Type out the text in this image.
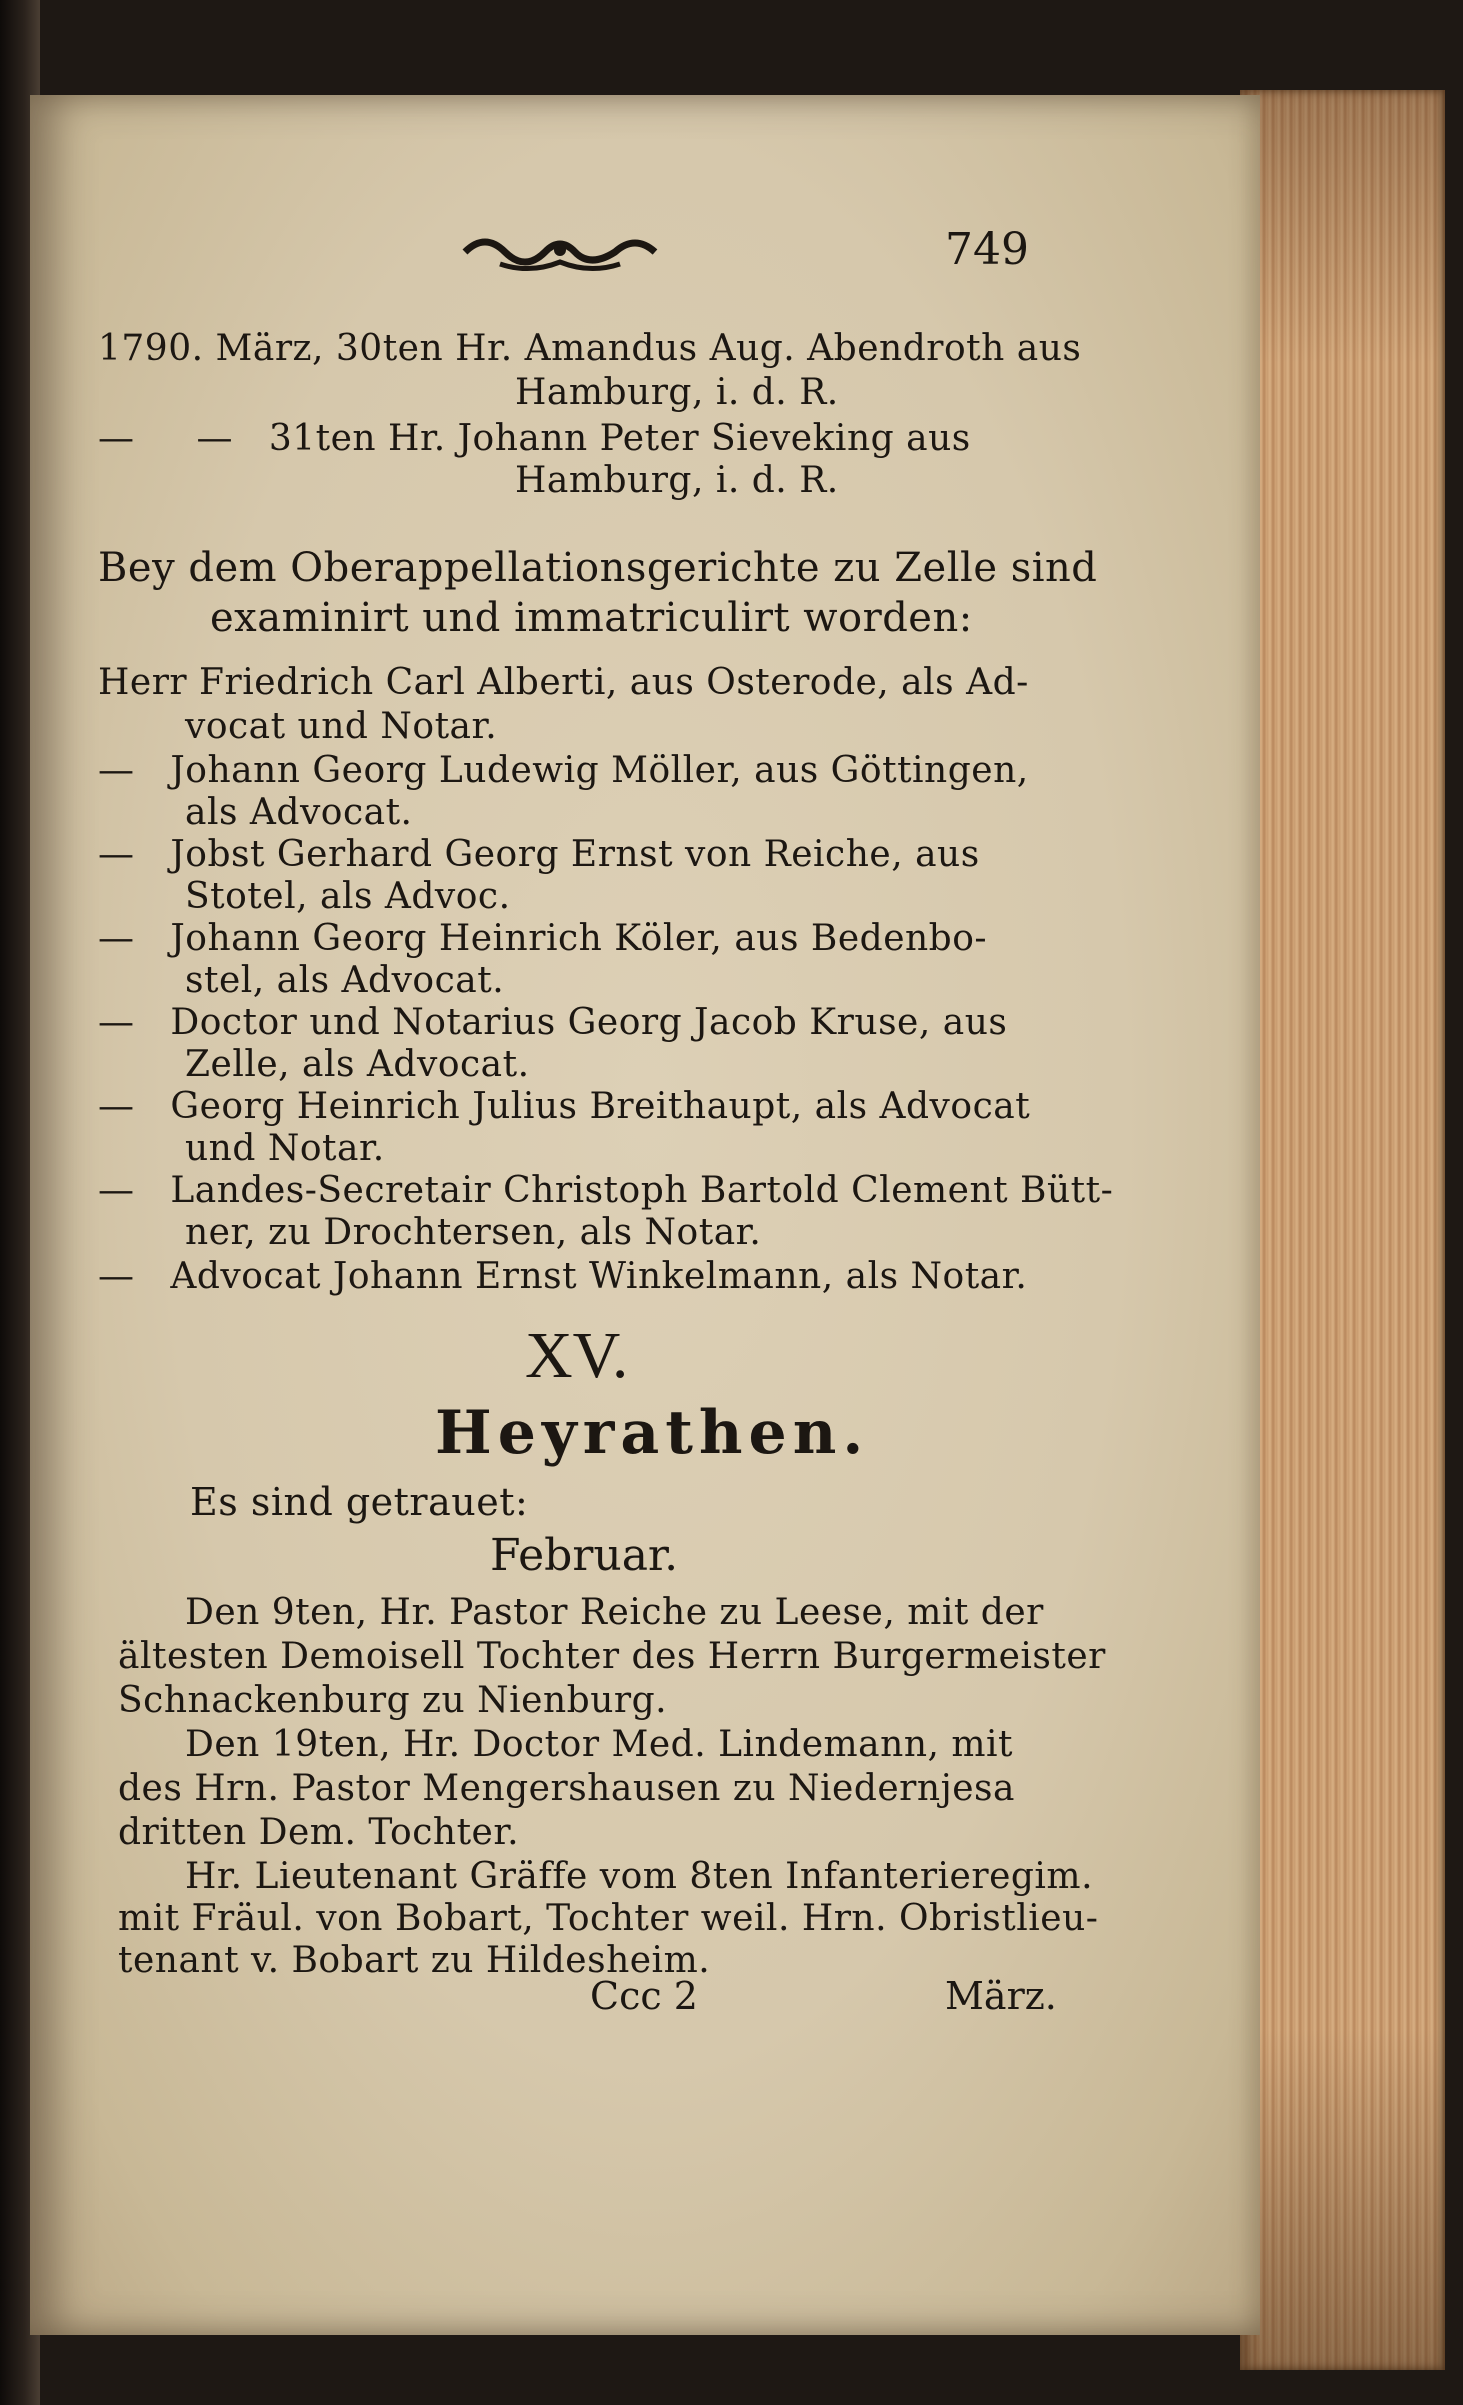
749
1790. März, 30ten Hr. Amandus Aug. Abendroth aus
Hamburg, i. d. R.
— — 31ten Hr. Johann Peter Sieveking aus
Hamburg, i. d. R.
Bey dem Oberappellationsgerichte zu Zelle sind
examinirt und immatriculirt worden:
Herr Friedrich Carl Alberti, aus Osterode, als Ad-
vocat und Notar.
— Johann Georg Ludewig Möller, aus Göttingen,
als Advocat.
— Jobst Gerhard Georg Ernst von Reiche, aus
Stotel, als Advoc.
— Johann Georg Heinrich Köler, aus Bedenbo-
stel, als Advocat.
— Doctor und Notarius Georg Jacob Kruse, aus
Zelle, als Advocat.
— Georg Heinrich Julius Breithaupt, als Advocat
und Notar.
— Landes-Secretair Christoph Bartold Clement Bütt-
ner, zu Drochtersen, als Notar.
— Advocat Johann Ernst Winkelmann, als Notar.
XV.
Heyrathen.
Es sind getrauet:
Februar.
Den 9ten, Hr. Pastor Reiche zu Leese, mit der
ältesten Demoisell Tochter des Herrn Burgermeister
Schnackenburg zu Nienburg.
Den 19ten, Hr. Doctor Med. Lindemann, mit
des Hrn. Pastor Mengershausen zu Niedernjesa
dritten Dem. Tochter.
Hr. Lieutenant Gräffe vom 8ten Infanterieregim.
mit Fräul. von Bobart, Tochter weil. Hrn. Obristlieu-
tenant v. Bobart zu Hildesheim.
Ccc 2	März.
